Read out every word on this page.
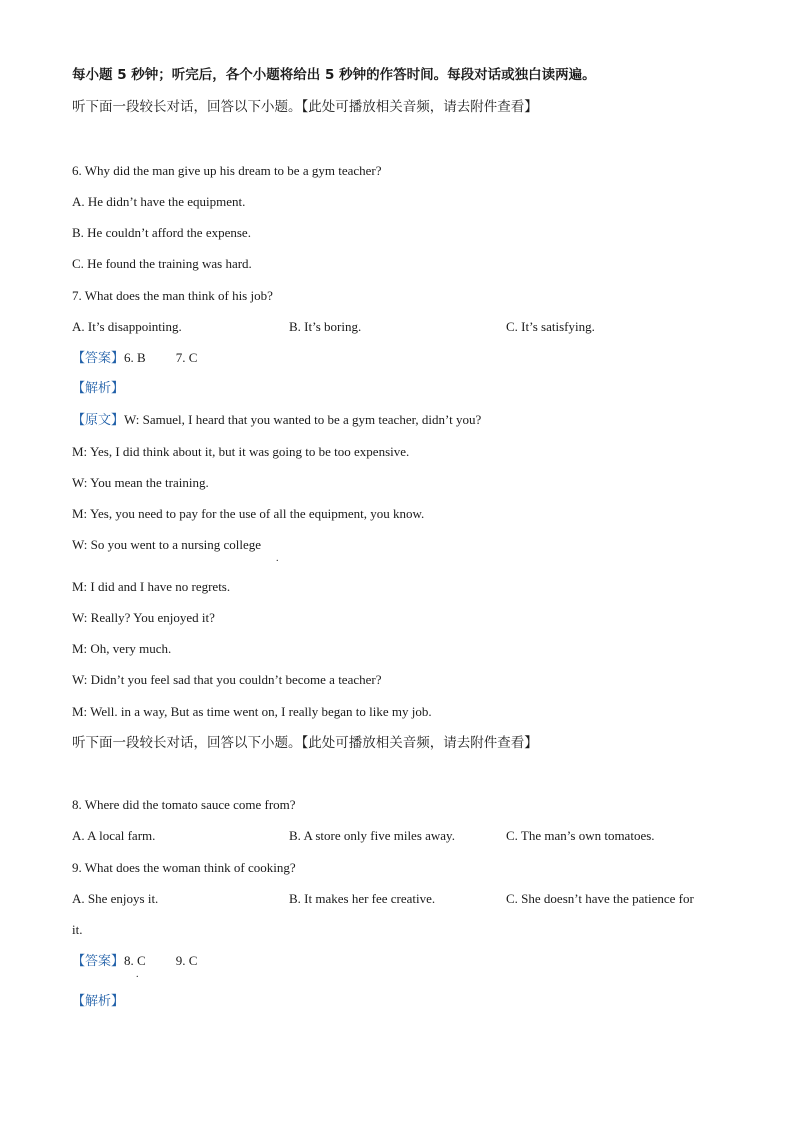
每小题 5 秒钟；听完后，各个小题将给出 5 秒钟的作答时间。每段对话或独白读两遍。
听下面一段较长对话，回答以下小题。【此处可播放相关音频，请去附件查看】
6. Why did the man give up his dream to be a gym teacher?
A. He didn’t have the equipment.
B. He couldn’t afford the expense.
C. He found the training was hard.
7. What does the man think of his job?
A. It’s disappointing.	B. It’s boring.	C. It’s satisfying.
【答案】6. B 7. C
【解析】
【原文】W: Samuel, I heard that you wanted to be a gym teacher, didn’t you?
M: Yes, I did think about it, but it was going to be too expensive.
W: You mean the training.
M: Yes, you need to pay for the use of all the equipment, you know.
W: So you went to a nursing college
.
M: I did and I have no regrets.
W: Really? You enjoyed it?
M: Oh, very much.
W: Didn’t you feel sad that you couldn’t become a teacher?
M: Well. in a way, But as time went on, I really began to like my job.
听下面一段较长对话，回答以下小题。【此处可播放相关音频，请去附件查看】
8. Where did the tomato sauce come from?
A. A local farm.	B. A store only five miles away.	C. The man’s own tomatoes.
9. What does the woman think of cooking?
A. She enjoys it.	B. It makes her fee creative.	C. She doesn’t have the patience for
it.
【答案】8. C 9. C
.
【解析】
